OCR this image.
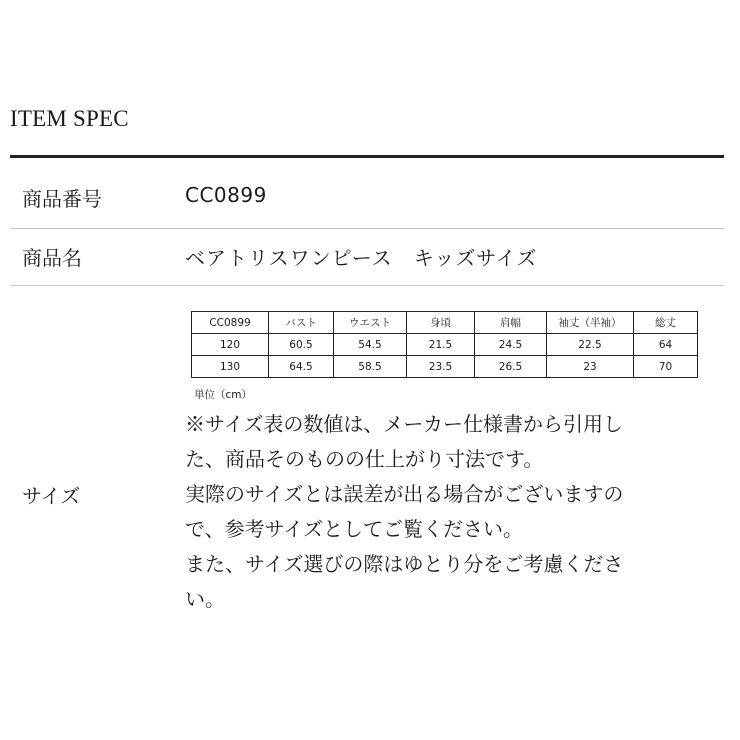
ITEM SPEC
商品番号	CC0899
商品名	ベアトリスワンピース　キッズサイズ
サイズ
CC0899	バスト	ウエスト	身頃	肩幅	袖丈（半袖）	総丈
120	60.5	54.5	21.5	24.5	22.5	64
130	64.5	58.5	23.5	26.5	23	70
単位（cm）
※サイズ表の数値は、メーカー仕様書から引用し
た、商品そのものの仕上がり寸法です。
実際のサイズとは誤差が出る場合がございますの
で、参考サイズとしてご覧ください。
また、サイズ選びの際はゆとり分をご考慮くださ
い。
